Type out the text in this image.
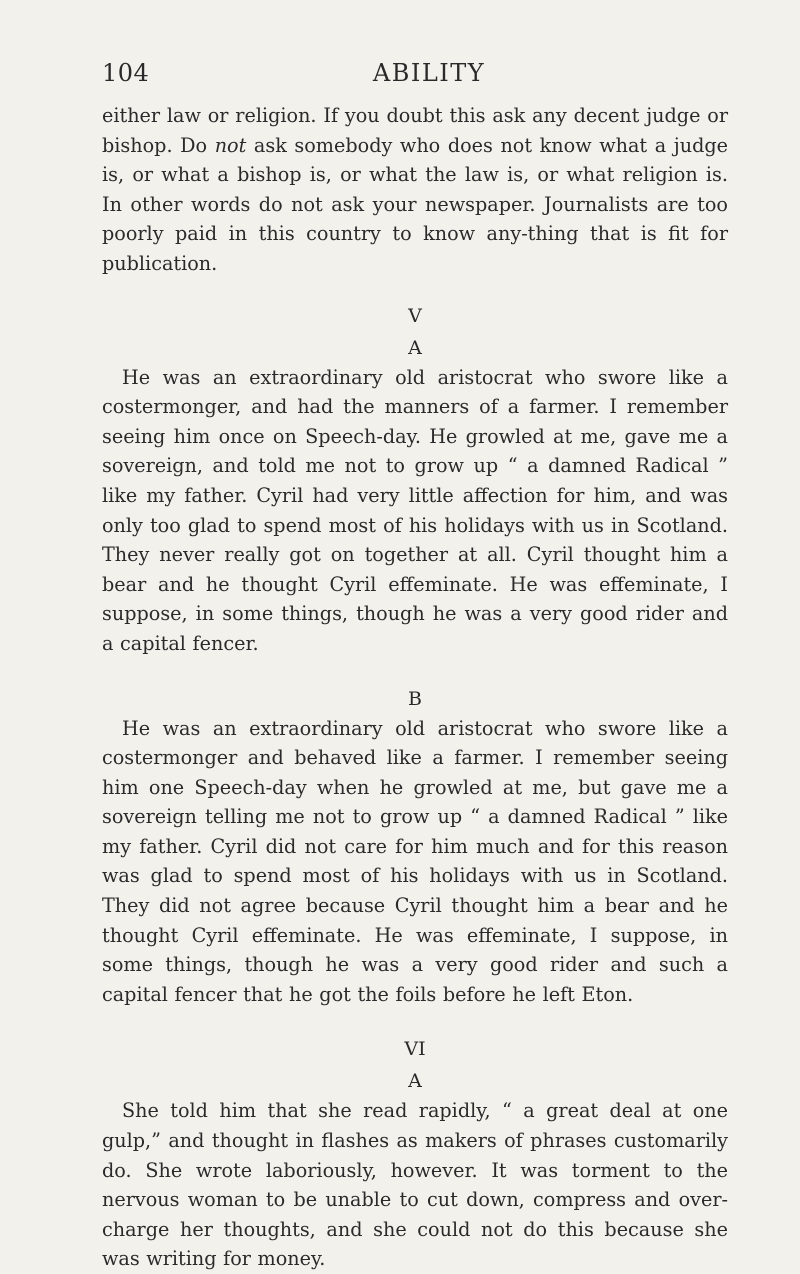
104	ABILITY

either law or religion. If you doubt this ask any decent judge or bishop. Do not ask somebody who does not know what a judge is, or what a bishop is, or what the law is, or what religion is. In other words do not ask your newspaper. Journalists are too poorly paid in this country to know any-thing that is fit for publication.

V

A

He was an extraordinary old aristocrat who swore like a costermonger, and had the manners of a farmer. I remember seeing him once on Speech-day. He growled at me, gave me a sovereign, and told me not to grow up “ a damned Radical ” like my father. Cyril had very little affection for him, and was only too glad to spend most of his holidays with us in Scotland. They never really got on together at all. Cyril thought him a bear and he thought Cyril effeminate. He was effeminate, I suppose, in some things, though he was a very good rider and a capital fencer.

B

He was an extraordinary old aristocrat who swore like a costermonger and behaved like a farmer. I remember seeing him one Speech-day when he growled at me, but gave me a sovereign telling me not to grow up “ a damned Radical ” like my father. Cyril did not care for him much and for this reason was glad to spend most of his holidays with us in Scotland. They did not agree because Cyril thought him a bear and he thought Cyril effeminate. He was effeminate, I suppose, in some things, though he was a very good rider and such a capital fencer that he got the foils before he left Eton.

VI

A

She told him that she read rapidly, “ a great deal at one gulp,” and thought in flashes as makers of phrases customarily do. She wrote laboriously, however. It was torment to the nervous woman to be unable to cut down, compress and over-charge her thoughts, and she could not do this because she was writing for money.
